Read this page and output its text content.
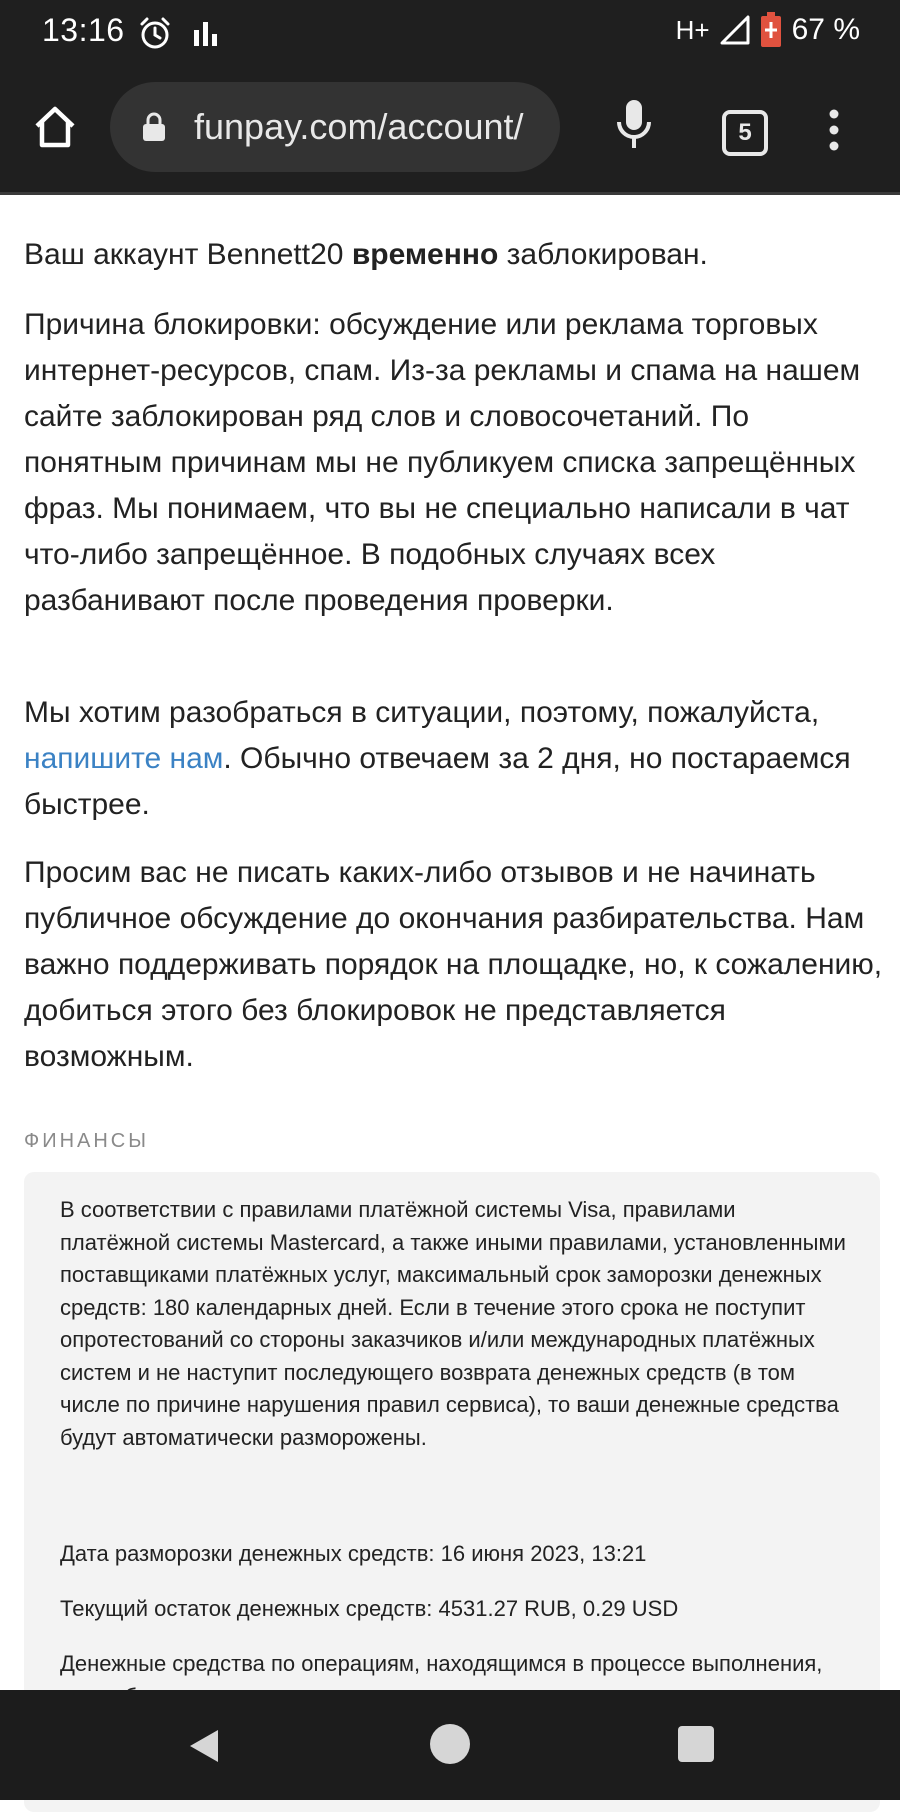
13:16	H+	67 %
funpay.com/account/	5

Ваш аккаунт Bennett20 временно заблокирован.

Причина блокировки: обсуждение или реклама торговых интернет-ресурсов, спам. Из-за рекламы и спама на нашем сайте заблокирован ряд слов и словосочетаний. По понятным причинам мы не публикуем списка запрещённых фраз. Мы понимаем, что вы не специально написали в чат что-либо запрещённое. В подобных случаях всех разбанивают после проведения проверки.

Мы хотим разобраться в ситуации, поэтому, пожалуйста, напишите нам. Обычно отвечаем за 2 дня, но постараемся быстрее.

Просим вас не писать каких-либо отзывов и не начинать публичное обсуждение до окончания разбирательства. Нам важно поддерживать порядок на площадке, но, к сожалению, добиться этого без блокировок не представляется возможным.

ФИНАНСЫ

В соответствии с правилами платёжной системы Visa, правилами платёжной системы Mastercard, а также иными правилами, установленными поставщиками платёжных услуг, максимальный срок заморозки денежных средств: 180 календарных дней. Если в течение этого срока не поступит опротестований со стороны заказчиков и/или международных платёжных систем и не наступит последующего возврата денежных средств (в том числе по причине нарушения правил сервиса), то ваши денежные средства будут автоматически разморожены.

Дата разморозки денежных средств: 16 июня 2023, 13:21

Текущий остаток денежных средств: 4531.27 RUB, 0.29 USD

Денежные средства по операциям, находящимся в процессе выполнения,
